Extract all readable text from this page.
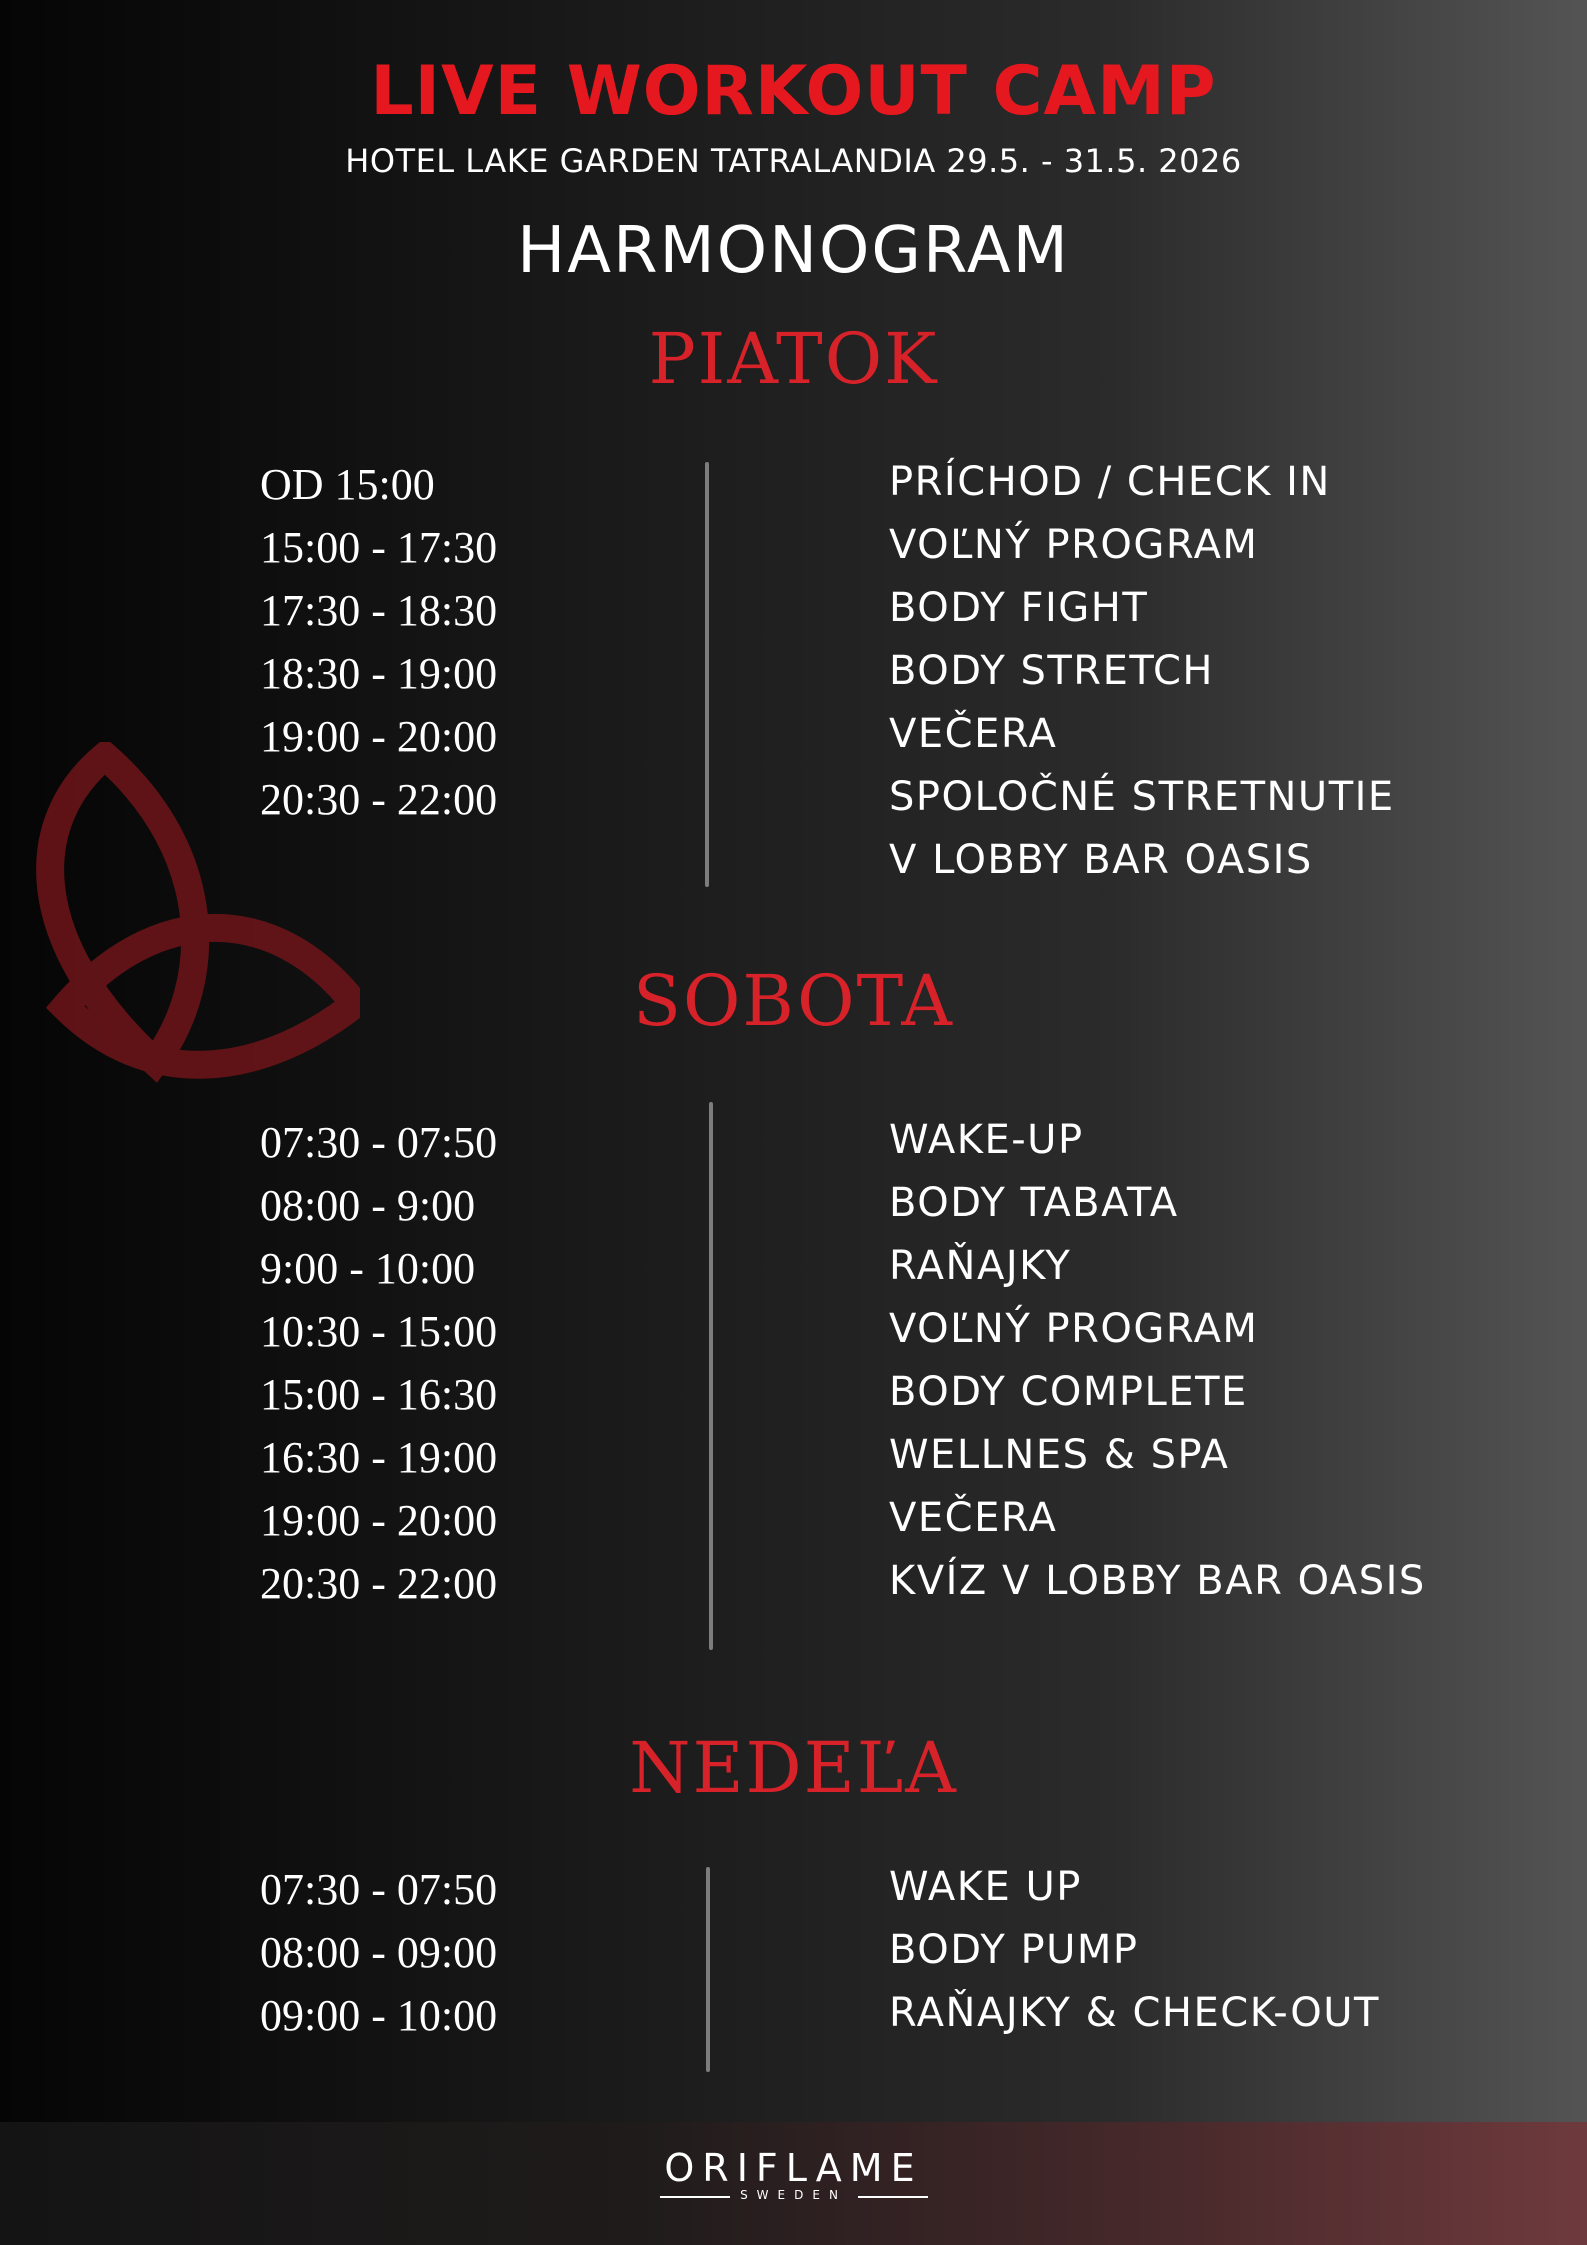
LIVE WORKOUT CAMP
HOTEL LAKE GARDEN TATRALANDIA 29.5. - 31.5. 2026
HARMONOGRAM
PIATOK
OD 15:00	PRÍCHOD / CHECK IN
15:00 - 17:30	VOĽNÝ PROGRAM
17:30 - 18:30	BODY FIGHT
18:30 - 19:00	BODY STRETCH
19:00 - 20:00	VEČERA
20:30 - 22:00	SPOLOČNÉ STRETNUTIE
V LOBBY BAR OASIS
SOBOTA
07:30 - 07:50	WAKE-UP
08:00 - 9:00	BODY TABATA
9:00 - 10:00	RAŇAJKY
10:30 - 15:00	VOĽNÝ PROGRAM
15:00 - 16:30	BODY COMPLETE
16:30 - 19:00	WELLNES & SPA
19:00 - 20:00	VEČERA
20:30 - 22:00	KVÍZ V LOBBY BAR OASIS
NEDEĽA
07:30 - 07:50	WAKE UP
08:00 - 09:00	BODY PUMP
09:00 - 10:00	RAŇAJKY & CHECK-OUT
ORIFLAME
SWEDEN
